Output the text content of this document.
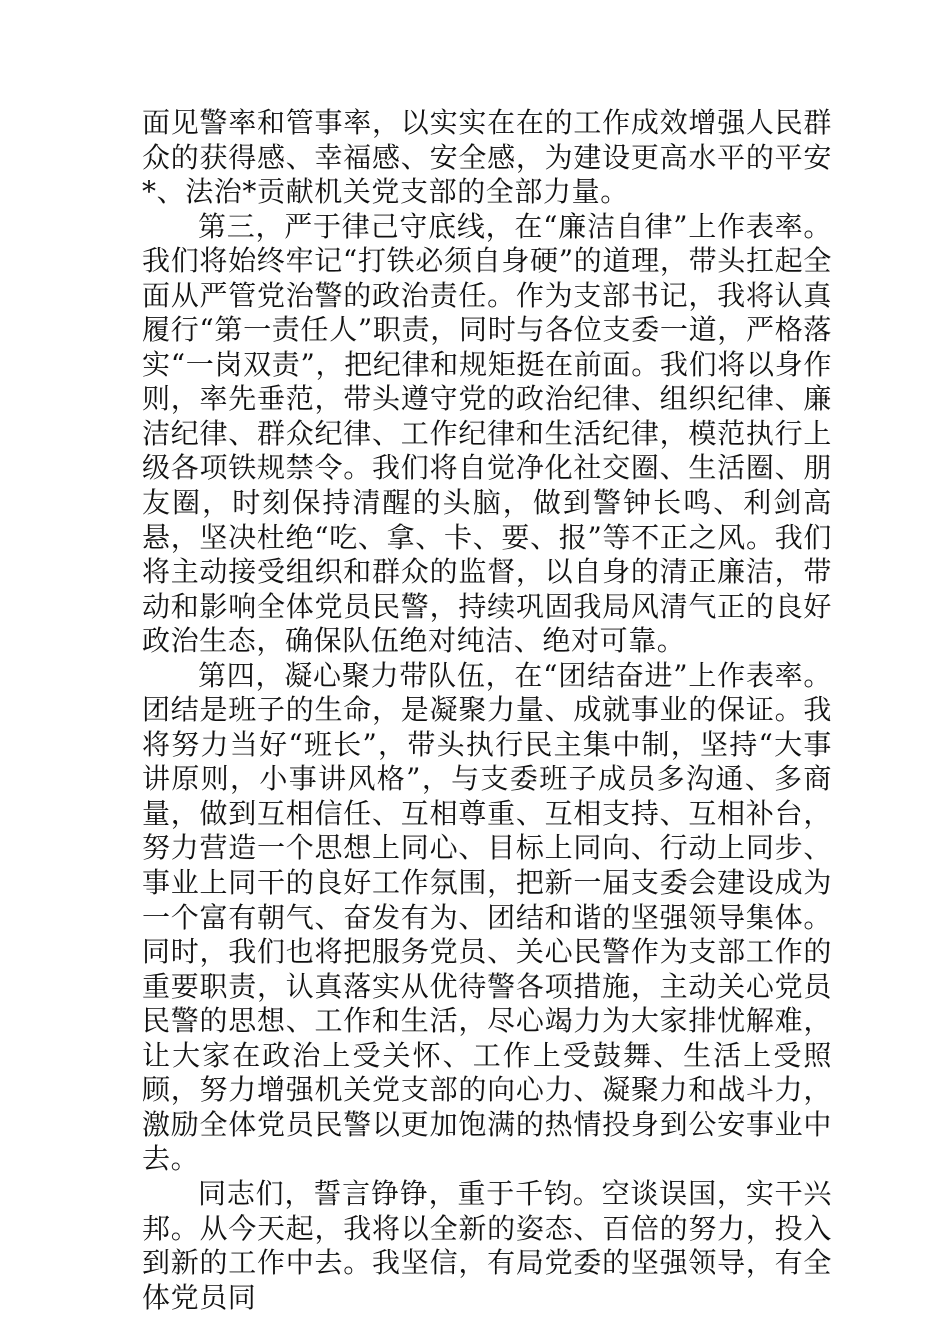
面见警率和管事率，以实实在在的工作成效增强人民群众的获得感、幸福感、安全感，为建设更高水平的平安*、法治*贡献机关党支部的全部力量。

第三，严于律己守底线，在“廉洁自律”上作表率。我们将始终牢记“打铁必须自身硬”的道理，带头扛起全面从严管党治警的政治责任。作为支部书记，我将认真履行“第一责任人”职责，同时与各位支委一道，严格落实“一岗双责”，把纪律和规矩挺在前面。我们将以身作则，率先垂范，带头遵守党的政治纪律、组织纪律、廉洁纪律、群众纪律、工作纪律和生活纪律，模范执行上级各项铁规禁令。我们将自觉净化社交圈、生活圈、朋友圈，时刻保持清醒的头脑，做到警钟长鸣、利剑高悬，坚决杜绝“吃、拿、卡、要、报”等不正之风。我们将主动接受组织和群众的监督，以自身的清正廉洁，带动和影响全体党员民警，持续巩固我局风清气正的良好政治生态，确保队伍绝对纯洁、绝对可靠。

第四，凝心聚力带队伍，在“团结奋进”上作表率。团结是班子的生命，是凝聚力量、成就事业的保证。我将努力当好“班长”，带头执行民主集中制，坚持“大事讲原则，小事讲风格”，与支委班子成员多沟通、多商量，做到互相信任、互相尊重、互相支持、互相补台，努力营造一个思想上同心、目标上同向、行动上同步、事业上同干的良好工作氛围，把新一届支委会建设成为一个富有朝气、奋发有为、团结和谐的坚强领导集体。同时，我们也将把服务党员、关心民警作为支部工作的重要职责，认真落实从优待警各项措施，主动关心党员民警的思想、工作和生活，尽心竭力为大家排忧解难，让大家在政治上受关怀、工作上受鼓舞、生活上受照顾，努力增强机关党支部的向心力、凝聚力和战斗力，激励全体党员民警以更加饱满的热情投身到公安事业中去。

同志们，誓言铮铮，重于千钧。空谈误国，实干兴邦。从今天起，我将以全新的姿态、百倍的努力，投入到新的工作中去。我坚信，有局党委的坚强领导，有全体党员同
